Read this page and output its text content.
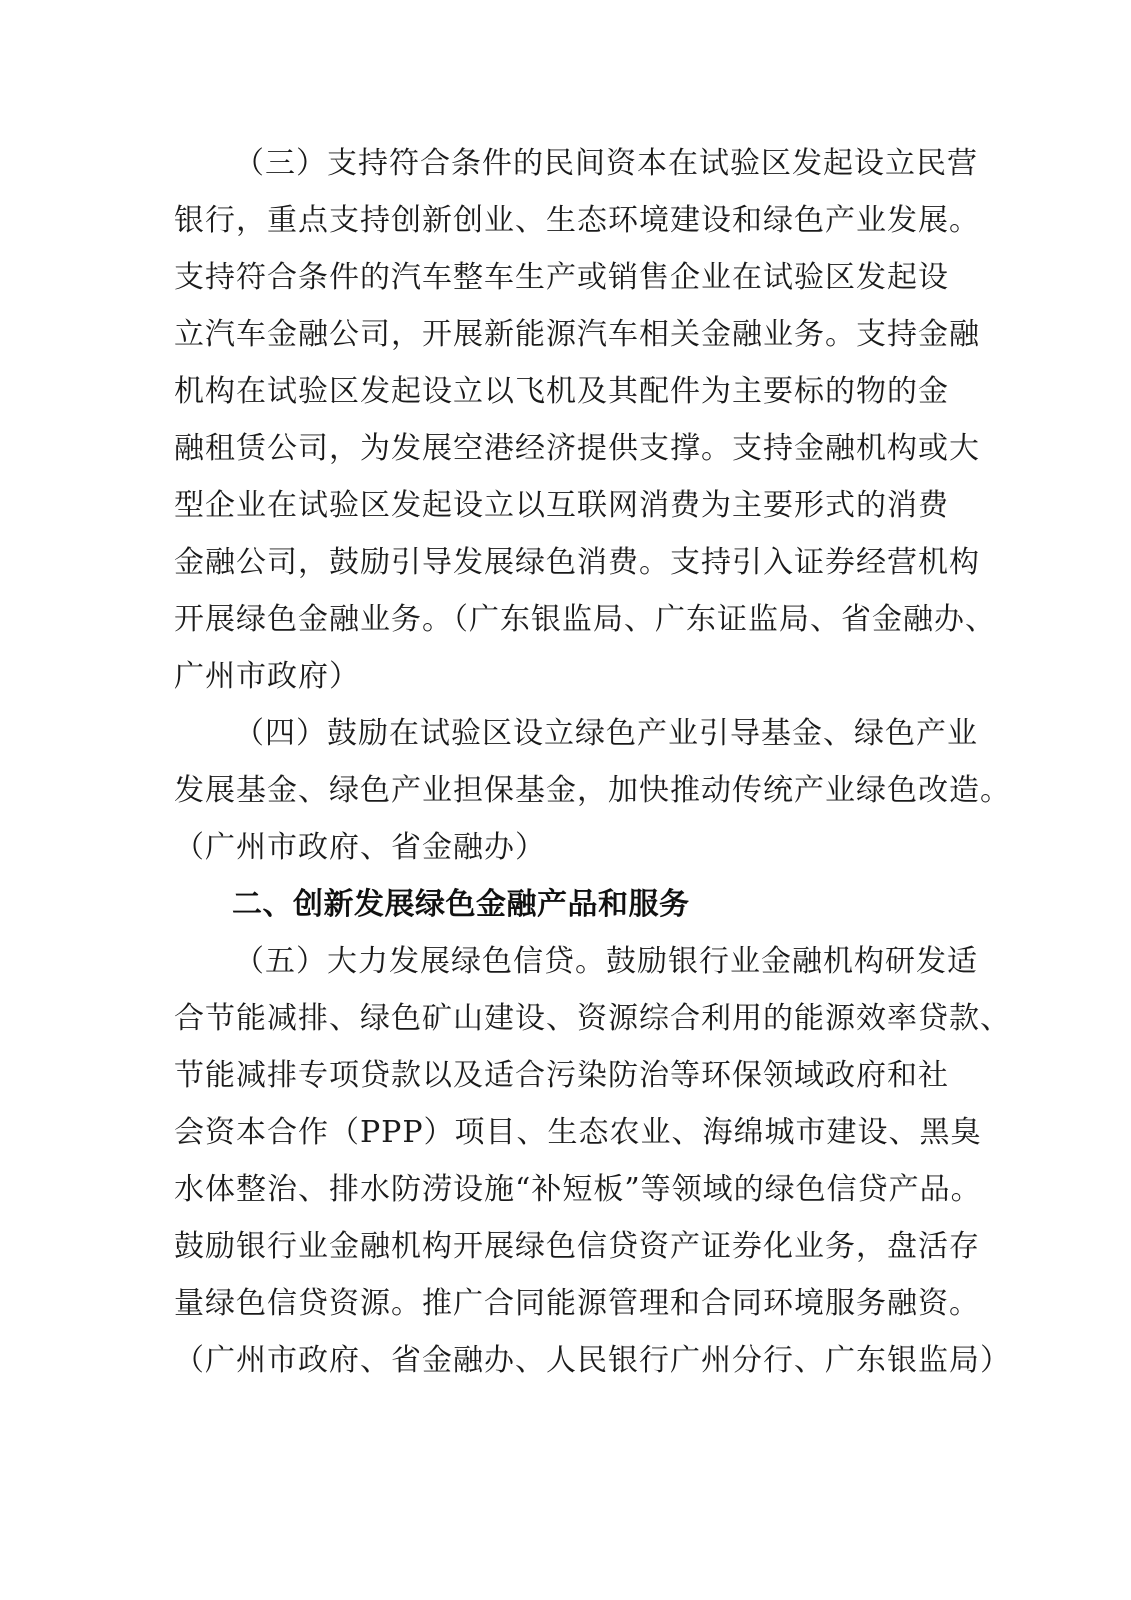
（三）支持符合条件的民间资本在试验区发起设立民营
银行，重点支持创新创业、生态环境建设和绿色产业发展。
支持符合条件的汽车整车生产或销售企业在试验区发起设
立汽车金融公司，开展新能源汽车相关金融业务。支持金融
机构在试验区发起设立以飞机及其配件为主要标的物的金
融租赁公司，为发展空港经济提供支撑。支持金融机构或大
型企业在试验区发起设立以互联网消费为主要形式的消费
金融公司，鼓励引导发展绿色消费。支持引入证券经营机构
开展绿色金融业务。（广东银监局、广东证监局、省金融办、
广州市政府）
（四）鼓励在试验区设立绿色产业引导基金、绿色产业
发展基金、绿色产业担保基金，加快推动传统产业绿色改造。
（广州市政府、省金融办）
二、创新发展绿色金融产品和服务
（五）大力发展绿色信贷。鼓励银行业金融机构研发适
合节能减排、绿色矿山建设、资源综合利用的能源效率贷款、
节能减排专项贷款以及适合污染防治等环保领域政府和社
会资本合作（PPP）项目、生态农业、海绵城市建设、黑臭
水体整治、排水防涝设施“补短板”等领域的绿色信贷产品。
鼓励银行业金融机构开展绿色信贷资产证券化业务，盘活存
量绿色信贷资源。推广合同能源管理和合同环境服务融资。
（广州市政府、省金融办、人民银行广州分行、广东银监局）
